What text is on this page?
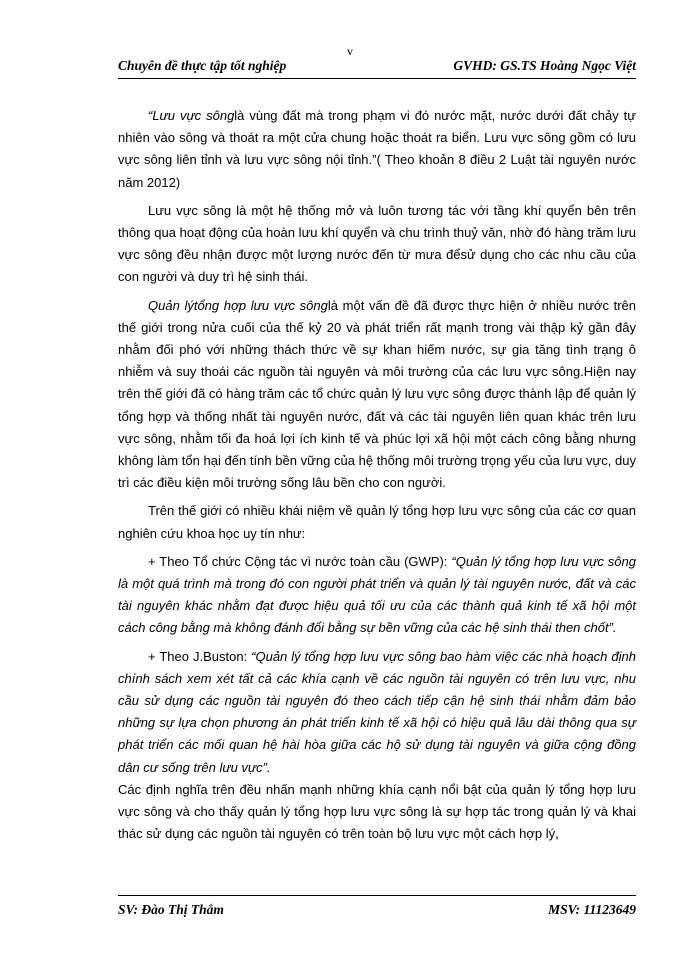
v
Chuyên đề thực tập tốt nghiệp	GVHD: GS.TS Hoàng Ngọc Việt

“Lưu vực sônglà vùng đất mà trong phạm vi đó nước mặt, nước dưới đất chảy tự nhiên vào sông và thoát ra một cửa chung hoặc thoát ra biển. Lưu vực sông gồm có lưu vực sông liên tỉnh và lưu vực sông nội tỉnh.”( Theo khoản 8 điều 2 Luật tài nguyên nước năm 2012)

Lưu vực sông là một hệ thống mở và luôn tương tác với tầng khí quyển bên trên thông qua hoạt động của hoàn lưu khí quyển và chu trình thuỷ văn, nhờ đó hàng trăm lưu vực sông đều nhận được một lượng nước đến từ mưa đểsử dụng cho các nhu cầu của con người và duy trì hệ sinh thái.

Quản lýtổng hợp lưu vực sônglà một vấn đề đã được thực hiện ở nhiều nước trên thế giới trong nửa cuối của thế kỷ 20 và phát triển rất mạnh trong vài thập kỷ gần đây nhằm đối phó với những thách thức về sự khan hiếm nước, sự gia tăng tình trạng ô nhiễm và suy thoái các nguồn tài nguyên và môi trường của các lưu vực sông.Hiện nay trên thế giới đã có hàng trăm các tổ chức quản lý lưu vực sông được thành lập để quản lý tổng hợp và thống nhất tài nguyên nước, đất và các tài nguyên liên quan khác trên lưu vực sông, nhằm tối đa hoá lợi ích kinh tế và phúc lợi xã hội một cách công bằng nhưng không làm tổn hại đến tính bền vững của hệ thống môi trường trọng yếu của lưu vực, duy trì các điều kiện môi trường sống lâu bền cho con người.

Trên thế giới có nhiều khái niệm về quản lý tổng hợp lưu vực sông của các cơ quan nghiên cứu khoa học uy tín như:

+ Theo Tổ chức Cộng tác vì nước toàn cầu (GWP): “Quản lý tổng hợp lưu vực sông là một quá trình mà trong đó con người phát triển và quản lý tài nguyên nước, đất và các tài nguyên khác nhằm đạt được hiệu quả tối ưu của các thành quả kinh tế xã hội một cách công bằng mà không đánh đổi bằng sự bền vững của các hệ sinh thái then chốt”.

+ Theo J.Buston: “Quản lý tổng hợp lưu vực sông bao hàm việc các nhà hoạch định chính sách xem xét tất cả các khía cạnh về các nguồn tài nguyên có trên lưu vực, nhu cầu sử dụng các nguồn tài nguyên đó theo cách tiếp cận hệ sinh thái nhằm đảm bảo những sự lựa chọn phương án phát triển kinh tế xã hội có hiệu quả lâu dài thông qua sự phát triển các mối quan hệ hài hòa giữa các hộ sử dụng tài nguyên và giữa cộng đồng dân cư sống trên lưu vực”.

Các định nghĩa trên đều nhấn mạnh những khía cạnh nổi bật của quản lý tổng hợp lưu vực sông và cho thấy quản lý tổng hợp lưu vực sông là sự hợp tác trong quản lý và khai thác sử dụng các nguồn tài nguyên có trên toàn bộ lưu vực một cách hợp lý,

SV: Đào Thị Thắm	MSV: 11123649
